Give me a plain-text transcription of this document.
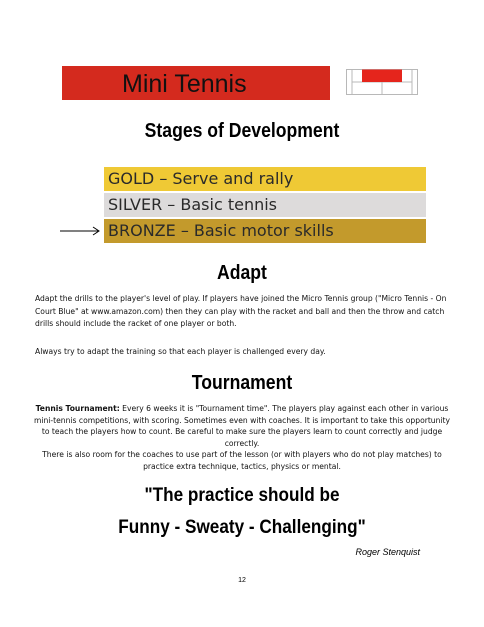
Mini Tennis
Stages of Development
GOLD – Serve and rally
SILVER – Basic tennis
BRONZE – Basic motor skills
Adapt
Adapt the drills to the player's level of play. If players have joined the Micro Tennis group ("Micro Tennis - On Court Blue" at www.amazon.com) then they can play with the racket and ball and then the throw and catch drills should include the racket of one player or both.
Always try to adapt the training so that each player is challenged every day.
Tournament
Tennis Tournament: Every 6 weeks it is "Tournament time". The players play against each other in various mini-tennis competitions, with scoring. Sometimes even with coaches. It is important to take this opportunity to teach the players how to count. Be careful to make sure the players learn to count correctly and judge correctly.
There is also room for the coaches to use part of the lesson (or with players who do not play matches) to practice extra technique, tactics, physics or mental.
"The practice should be
Funny - Sweaty - Challenging"
Roger Stenquist
12
